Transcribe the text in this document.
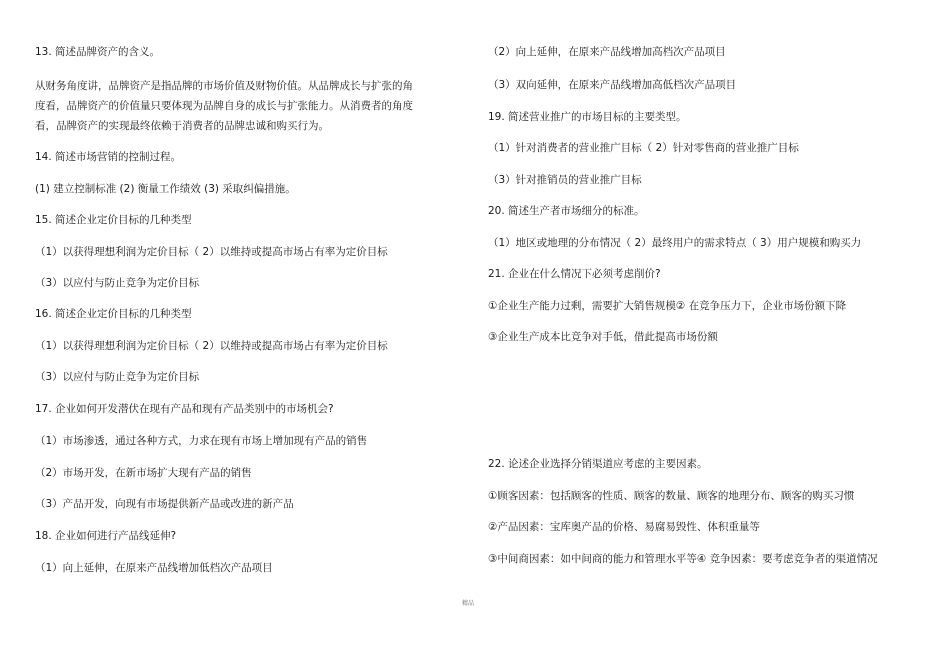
13. 简述品牌资产的含义。
从财务角度讲，品牌资产是指品牌的市场价值及财物价值。从品牌成长与扩张的角
度看，品牌资产的价值量只要体现为品牌自身的成长与扩张能力。从消费者的角度
看，品牌资产的实现最终依赖于消费者的品牌忠诚和购买行为。
14. 简述市场营销的控制过程。
(1) 建立控制标准 (2) 衡量工作绩效 (3) 采取纠偏措施。
15. 简述企业定价目标的几种类型
（1）以获得理想利润为定价目标（ 2）以维持或提高市场占有率为定价目标
（3）以应付与防止竞争为定价目标
16. 简述企业定价目标的几种类型
（1）以获得理想利润为定价目标（ 2）以维持或提高市场占有率为定价目标
（3）以应付与防止竞争为定价目标
17. 企业如何开发潜伏在现有产品和现有产品类别中的市场机会?
（1）市场渗透，通过各种方式，力求在现有市场上增加现有产品的销售
（2）市场开发，在新市场扩大现有产品的销售
（3）产品开发，向现有市场提供新产品或改进的新产品
18. 企业如何进行产品线延伸?
（1）向上延伸，在原来产品线增加低档次产品项目
（2）向上延伸，在原来产品线增加高档次产品项目
（3）双向延伸，在原来产品线增加高低档次产品项目
19. 简述营业推广的市场目标的主要类型。
（1）针对消费者的营业推广目标（ 2）针对零售商的营业推广目标
（3）针对推销员的营业推广目标
20. 简述生产者市场细分的标准。
（1）地区或地理的分布情况（ 2）最终用户的需求特点（ 3）用户规模和购买力
21. 企业在什么情况下必须考虑削价?
①企业生产能力过剩，需要扩大销售规模② 在竞争压力下，企业市场份额下降
③企业生产成本比竞争对手低，借此提高市场份额
22. 论述企业选择分销渠道应考虑的主要因素。
①顾客因素：包括顾客的性质、顾客的数量、顾客的地理分布、顾客的购买习惯
②产品因素：宝库奥产品的价格、易腐易毁性、体积重量等
③中间商因素：如中间商的能力和管理水平等④ 竞争因素：要考虑竞争者的渠道情况
精品
